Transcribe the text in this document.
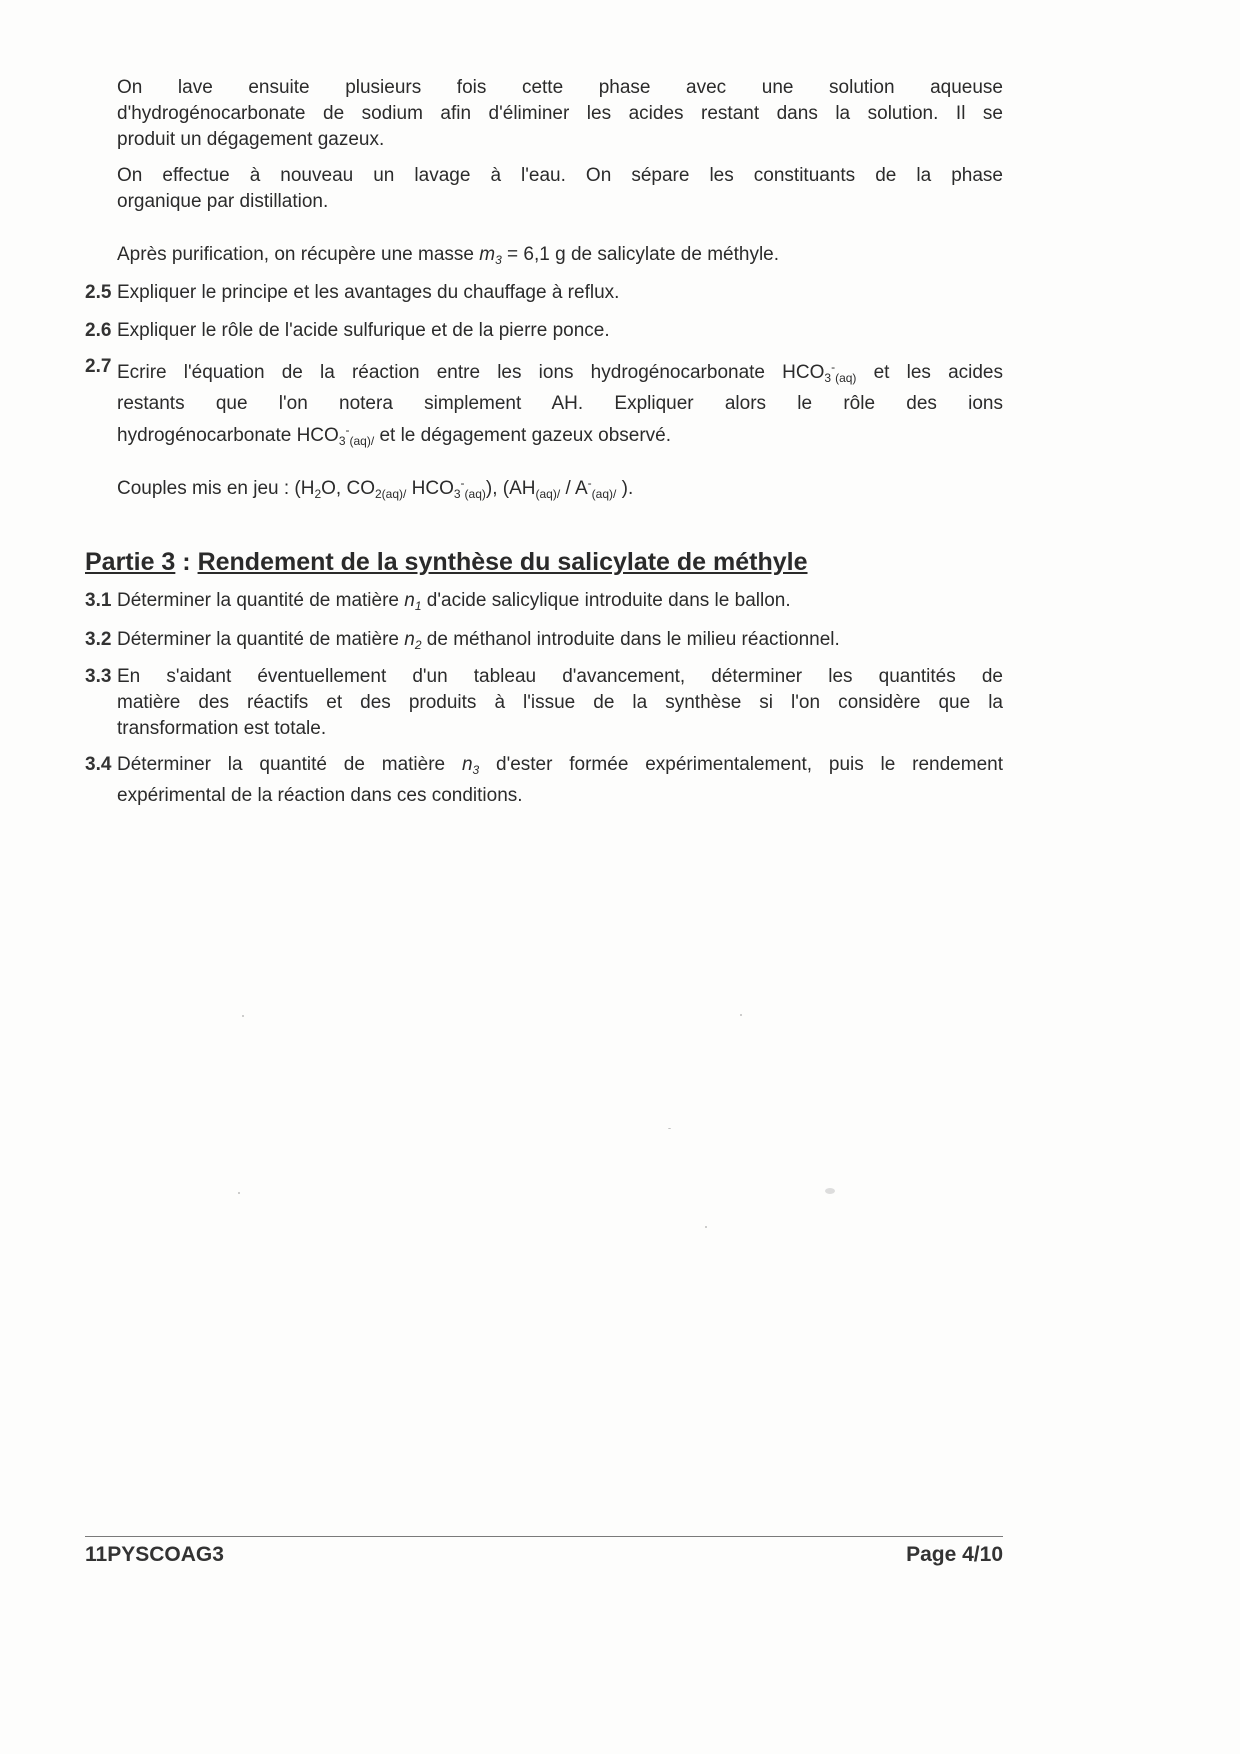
On lave ensuite plusieurs fois cette phase avec une solution aqueuse
d'hydrogénocarbonate de sodium afin d'éliminer les acides restant dans la solution. Il se
produit un dégagement gazeux.
On effectue à nouveau un lavage à l'eau. On sépare les constituants de la phase
organique par distillation.
Après purification, on récupère une masse $m_3 = 6,1$ g de salicylate de méthyle.
2.5 Expliquer le principe et les avantages du chauffage à reflux.
2.6 Expliquer le rôle de l'acide sulfurique et de la pierre ponce.
2.7 Ecrire l'équation de la réaction entre les ions hydrogénocarbonate $HCO_3^-_{(aq)}$ et les acides
restants que l'on notera simplement AH. Expliquer alors le rôle des ions
hydrogénocarbonate $HCO_3^-_{(aq)/}$ et le dégagement gazeux observé.
Couples mis en jeu : ($H_2O$, $CO_{2(aq)/}$ $HCO_3^-_{(aq)}$), ($AH_{(aq)/} / A^-_{(aq)/}$ ).
Partie 3 : Rendement de la synthèse du salicylate de méthyle
3.1 Déterminer la quantité de matière $n_1$ d'acide salicylique introduite dans le ballon.
3.2 Déterminer la quantité de matière $n_2$ de méthanol introduite dans le milieu réactionnel.
3.3 En s'aidant éventuellement d'un tableau d'avancement, déterminer les quantités de
matière des réactifs et des produits à l'issue de la synthèse si l'on considère que la
transformation est totale.
3.4 Déterminer la quantité de matière $n_3$ d'ester formée expérimentalement, puis le rendement
expérimental de la réaction dans ces conditions.
11PYSCOAG3	Page 4/10
